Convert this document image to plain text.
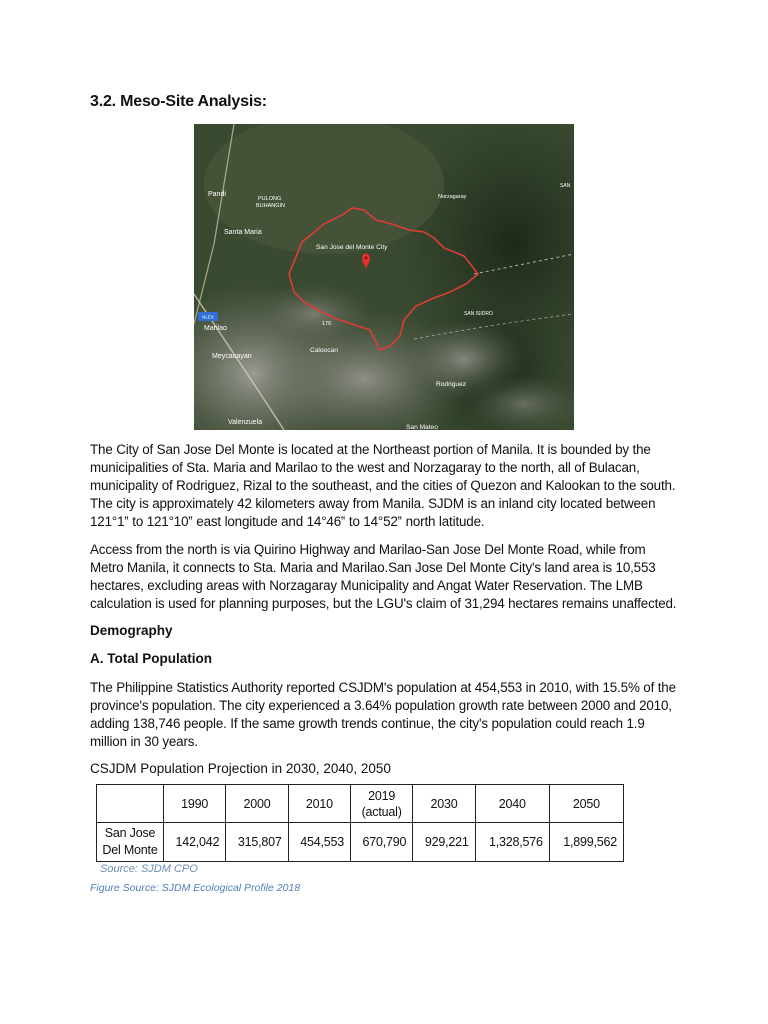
3.2. Meso-Site Analysis:
Pandi
PULONG
BUHANGIN
Norzagaray
SAN
Santa Maria
San Jose del Monte City
Marilao
Meycauayan
Caloocan
SAN ISIDRO
Rodriguez
Valenzuela
San Mateo
176
NLEX
The City of San Jose Del Monte is located at the Northeast portion of Manila. It is bounded by the municipalities of Sta. Maria and Marilao to the west and Norzagaray to the north, all of Bulacan, municipality of Rodriguez, Rizal to the southeast, and the cities of Quezon and Kalookan to the south. The city is approximately 42 kilometers away from Manila. SJDM is an inland city located between 121°1‟ to 121°10‟ east longitude and 14°46‟ to 14°52‟ north latitude.
Access from the north is via Quirino Highway and Marilao-San Jose Del Monte Road, while from Metro Manila, it connects to Sta. Maria and Marilao.San Jose Del Monte City's land area is 10,553 hectares, excluding areas with Norzagaray Municipality and Angat Water Reservation. The LMB calculation is used for planning purposes, but the LGU's claim of 31,294 hectares remains unaffected.
Demography
A. Total Population
The Philippine Statistics Authority reported CSJDM's population at 454,553 in 2010, with 15.5% of the province's population. The city experienced a 3.64% population growth rate between 2000 and 2010, adding 138,746 people. If the same growth trends continue, the city's population could reach 1.9 million in 30 years.
CSJDM Population Projection in 2030, 2040, 2050
	1990	2000	2010	2019
(actual)	2030	2040	2050
San Jose
Del Monte	142,042	315,807	454,553	670,790	929,221	1,328,576	1,899,562
Source: SJDM CPO
Figure Source: SJDM Ecological Profile 2018
